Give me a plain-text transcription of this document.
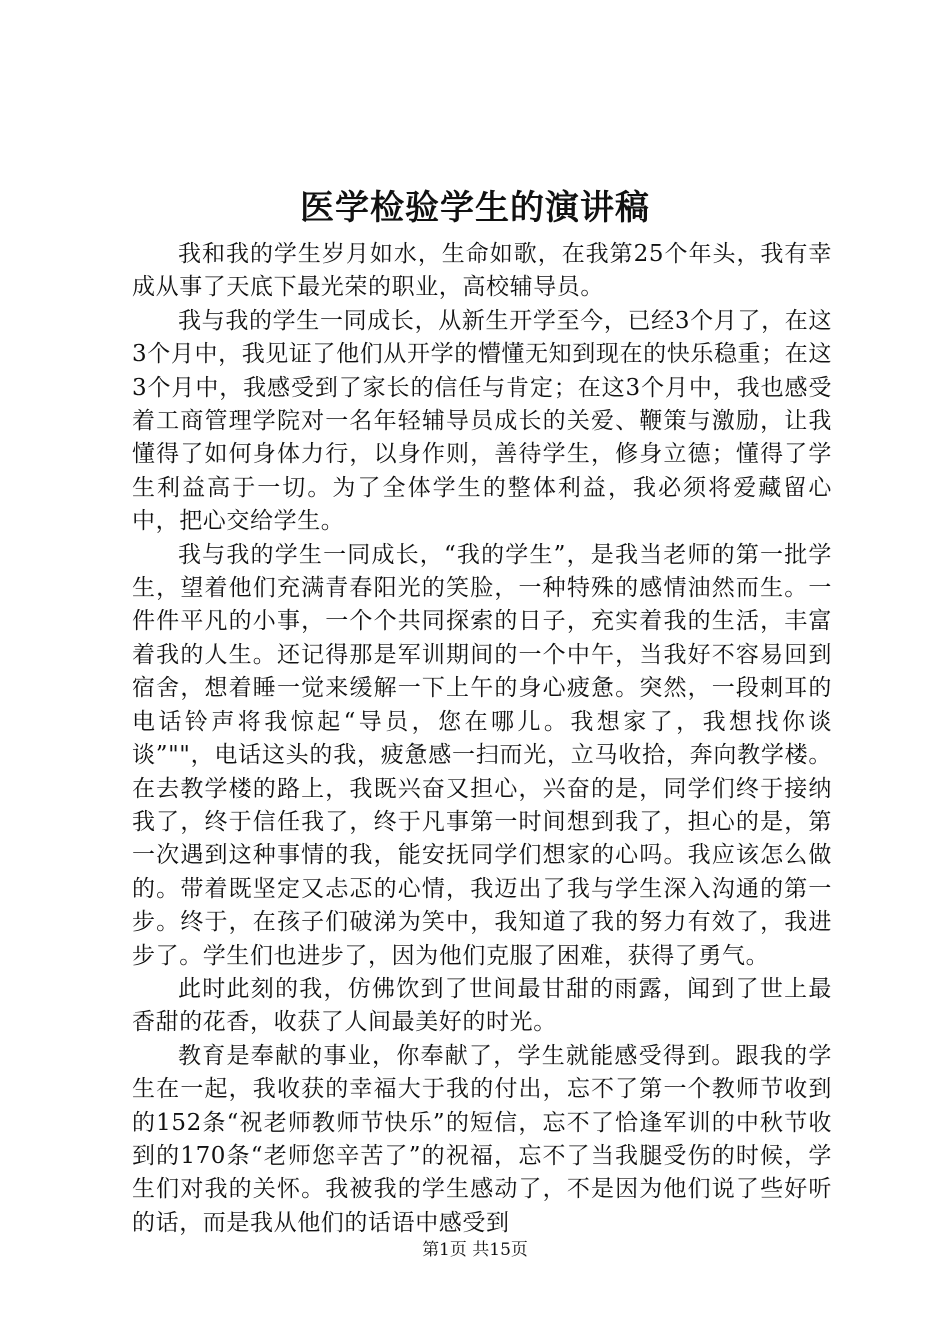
医学检验学生的演讲稿

我和我的学生岁月如水，生命如歌，在我第25个年头，我有幸成从事了天底下最光荣的职业，高校辅导员。

我与我的学生一同成长，从新生开学至今，已经3个月了，在这3个月中，我见证了他们从开学的懵懂无知到现在的快乐稳重；在这3个月中，我感受到了家长的信任与肯定；在这3个月中，我也感受着工商管理学院对一名年轻辅导员成长的关爱、鞭策与激励，让我懂得了如何身体力行，以身作则，善待学生，修身立德；懂得了学生利益高于一切。为了全体学生的整体利益，我必须将爱藏留心中，把心交给学生。

我与我的学生一同成长，“我的学生”，是我当老师的第一批学生，望着他们充满青春阳光的笑脸，一种特殊的感情油然而生。一件件平凡的小事，一个个共同探索的日子，充实着我的生活，丰富着我的人生。还记得那是军训期间的一个中午，当我好不容易回到宿舍，想着睡一觉来缓解一下上午的身心疲惫。突然，一段刺耳的电话铃声将我惊起“导员，您在哪儿。我想家了，我想找你谈谈”""，电话这头的我，疲惫感一扫而光，立马收拾，奔向教学楼。在去教学楼的路上，我既兴奋又担心，兴奋的是，同学们终于接纳我了，终于信任我了，终于凡事第一时间想到我了，担心的是，第一次遇到这种事情的我，能安抚同学们想家的心吗。我应该怎么做的。带着既坚定又忐忑的心情，我迈出了我与学生深入沟通的第一步。终于，在孩子们破涕为笑中，我知道了我的努力有效了，我进步了。学生们也进步了，因为他们克服了困难，获得了勇气。

此时此刻的我，仿佛饮到了世间最甘甜的雨露，闻到了世上最香甜的花香，收获了人间最美好的时光。

教育是奉献的事业，你奉献了，学生就能感受得到。跟我的学生在一起，我收获的幸福大于我的付出，忘不了第一个教师节收到的152条“祝老师教师节快乐”的短信，忘不了恰逢军训的中秋节收到的170条“老师您辛苦了”的祝福，忘不了当我腿受伤的时候，学生们对我的关怀。我被我的学生感动了，不是因为他们说了些好听的话，而是我从他们的话语中感受到

第1页 共15页
